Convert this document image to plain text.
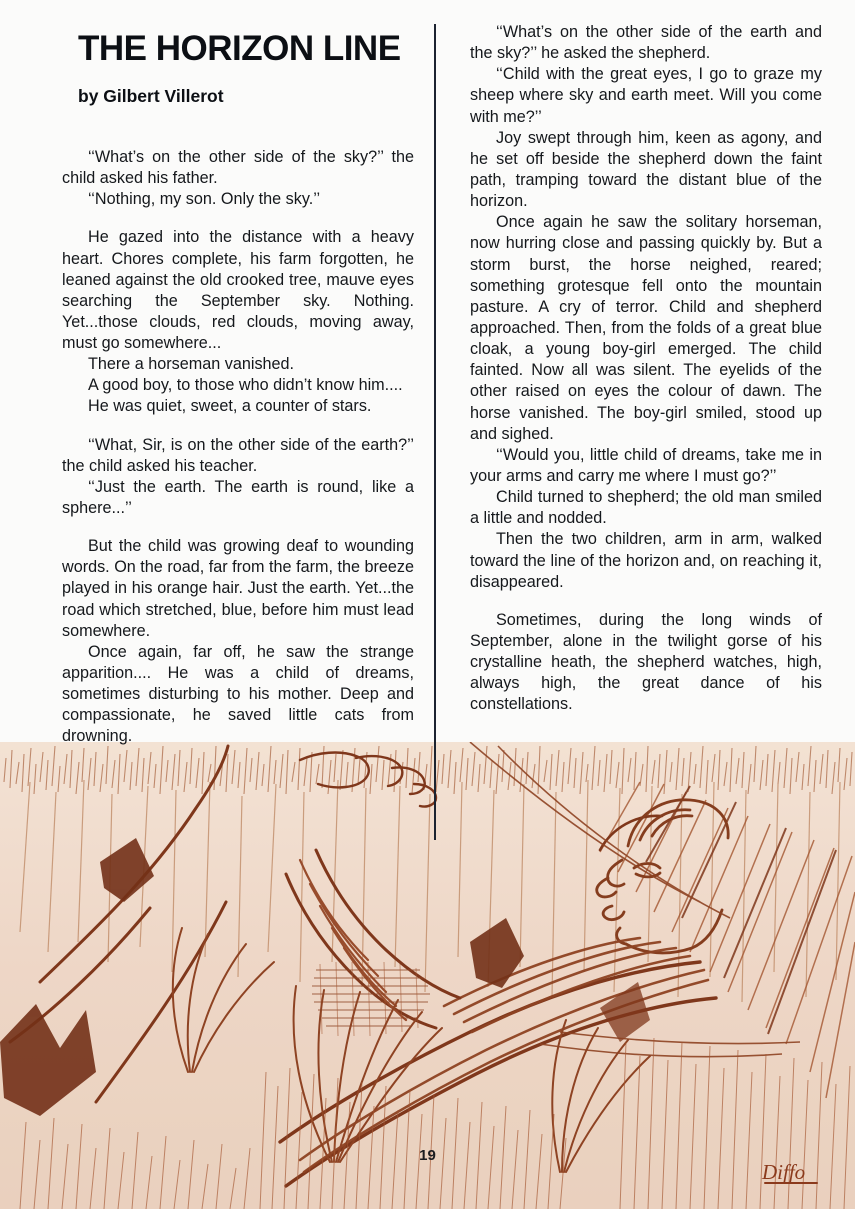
THE HORIZON LINE
by Gilbert Villerot

‘‘What’s on the other side of the sky?’’ the child asked his father.

‘‘Nothing, my son. Only the sky.’’

He gazed into the distance with a heavy heart. Chores complete, his farm forgotten, he leaned against the old crooked tree, mauve eyes searching the September sky. Nothing. Yet...those clouds, red clouds, moving away, must go somewhere...

There a horseman vanished.

A good boy, to those who didn’t know him....

He was quiet, sweet, a counter of stars.

‘‘What, Sir, is on the other side of the earth?’’ the child asked his teacher.

‘‘Just the earth. The earth is round, like a sphere...’’

But the child was growing deaf to wounding words. On the road, far from the farm, the breeze played in his orange hair. Just the earth. Yet...the road which stretched, blue, before him must lead somewhere.

Once again, far off, he saw the strange apparition.... He was a child of dreams, sometimes disturbing to his mother. Deep and compassionate, he saved little cats from drowning.

‘‘What’s on the other side of the earth and the sky?’’ he asked the shepherd.

‘‘Child with the great eyes, I go to graze my sheep where sky and earth meet. Will you come with me?’’

Joy swept through him, keen as agony, and he set off beside the shepherd down the faint path, tramping toward the distant blue of the horizon.

Once again he saw the solitary horseman, now hurring close and passing quickly by. But a storm burst, the horse neighed, reared; something grotesque fell onto the mountain pasture. A cry of terror. Child and shepherd approached. Then, from the folds of a great blue cloak, a young boy-girl emerged. The child fainted. Now all was silent. The eyelids of the other raised on eyes the colour of dawn. The horse vanished. The boy-girl smiled, stood up and sighed.

‘‘Would you, little child of dreams, take me in your arms and carry me where I must go?’’

Child turned to shepherd; the old man smiled a little and nodded.

Then the two children, arm in arm, walked toward the line of the horizon and, on reaching it, disappeared.

Sometimes, during the long winds of September, alone in the twilight gorse of his crystalline heath, the shepherd watches, high, always high, the great dance of his constellations.

19
Diffo
